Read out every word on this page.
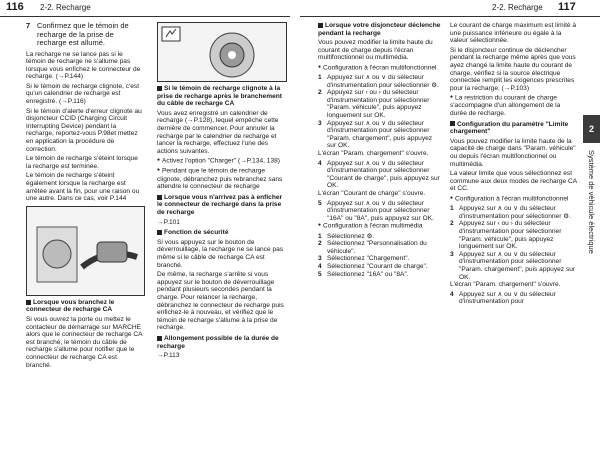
116 2-2. Recharge	2-2. Recharge 117
7 Confirmez que le témoin de recharge de la prise de recharge est allumé.

La recharge ne se lance pas si le témoin de recharge ne s'allume pas lorsque vous enfichez le connecteur de recharge. (→P.144)

Si le témoin de recharge clignote, c'est qu'un calendrier de recharge est enregistré. (→P.116)

Si le témoin d'alerte d'erreur clignote au disjoncteur CCID (Charging Circuit Interrupting Device) pendant la recharge, reportez-vous P.98et mettez en application la procédure de correction.

Le témoin de recharge s'éteint lorsque la recharge est terminée.

Le témoin de recharge s'éteint également lorsque la recharge est arrêtée avant la fin, pour une raison ou une autre. Dans ce cas, voir P.144

Lorsque vous branchez le connecteur de recharge CA

Si vous ouvrez la porte ou mettez le contacteur de démarrage sur MARCHE alors que le connecteur de recharge CA est branché, le témoin du câble de recharge s'allume pour notifier que le connecteur de recharge CA est branché.

Si le témoin de recharge clignote à la prise de recharge après le branchement du câble de recharge CA

Vous avez enregistré un calendrier de recharge (→P.128), lequel empêche cette dernière de commencer. Pour annuler la recharge par le calendrier de recharge et lancer la recharge, effectuez l'une des actions suivantes.

● Activez l'option "Charger" (→P.134, 138)

● Pendant que le témoin de recharge clignote, débranchez puis rebranchez sans attendre le connecteur de recharge

Lorsque vous n'arrivez pas à enficher le connecteur de recharge dans la prise de recharge

→P.101

Fonction de sécurité

Si vous appuyez sur le bouton de déverrouillage, la recharge ne se lance pas même si le câble de recharge CA est branché.

De même, la recharge s'arrête si vous appuyez sur le bouton de déverrouillage pendant plusieurs secondes pendant la charge. Pour relancer la recharge, débranchez le connecteur de recharge puis enfichez-le à nouveau, et vérifiez que le témoin de recharge s'allume à la prise de recharge.

Allongement possible de la durée de recharge

→P.113

Lorsque votre disjoncteur déclenche pendant la recharge

Vous pouvez modifier la limite haute du courant de charge depuis l'écran multifonctionnel ou multimédia.

● Configuration à l'écran multifonctionnel

1 Appuyez sur ∧ ou ∨ du sélecteur d'instrumentation pour sélectionner ⚙.
2 Appuyez sur ‹ ou › du sélecteur d'instrumentation pour sélectionner "Param. véhicule", puis appuyez longuement sur OK.
3 Appuyez sur ∧ ou ∨ du sélecteur d'instrumentation pour sélectionner "Param. chargement", puis appuyez sur OK.

L'écran "Param. chargement" s'ouvre.

4 Appuyez sur ∧ ou ∨ du sélecteur d'instrumentation pour sélectionner "Courant de charge", puis appuyez sur OK.

L'écran "Courant de charge" s'ouvre.

5 Appuyez sur ∧ ou ∨ du sélecteur d'instrumentation pour sélectionner "16A" ou "8A", puis appuyez sur OK.

● Configuration à l'écran multimédia

1 Sélectionnez ⚙.
2 Sélectionnez "Personnalisation du véhicule".
3 Sélectionnez "Chargement".
4 Sélectionnez "Courant de charge".
5 Sélectionnez "16A" ou "8A".

Le courant de charge maximum est limité à une puissance inférieure ou égale à la valeur sélectionnée.

Si le disjoncteur continue de déclencher pendant la recharge même après que vous ayez changé la limite haute du courant de charge, vérifiez si la source électrique connectée remplit les exigences prescrites pour la recharge. (→P.103)

● La restriction du courant de charge s'accompagne d'un allongement de la durée de recharge.

Configuration du paramètre "Limite chargement"

Vous pouvez modifier la limite haute de la capacité de charge dans "Param. véhicule" ou depuis l'écran multifonctionnel ou multimédia.

La valeur limite que vous sélectionnez est commune aux deux modes de recharge CA et CC.

● Configuration à l'écran multifonctionnel

1 Appuyez sur ∧ ou ∨ du sélecteur d'instrumentation pour sélectionner ⚙.
2 Appuyez sur ‹ ou › du sélecteur d'instrumentation pour sélectionner "Param. véhicule", puis appuyez longuement sur OK.
3 Appuyez sur ∧ ou ∨ du sélecteur d'instrumentation pour sélectionner "Param. chargement", puis appuyez sur OK.

L'écran "Param. chargement" s'ouvre.

4 Appuyez sur ∧ ou ∨ du sélecteur d'instrumentation pour
2
Système de véhicule électrique
